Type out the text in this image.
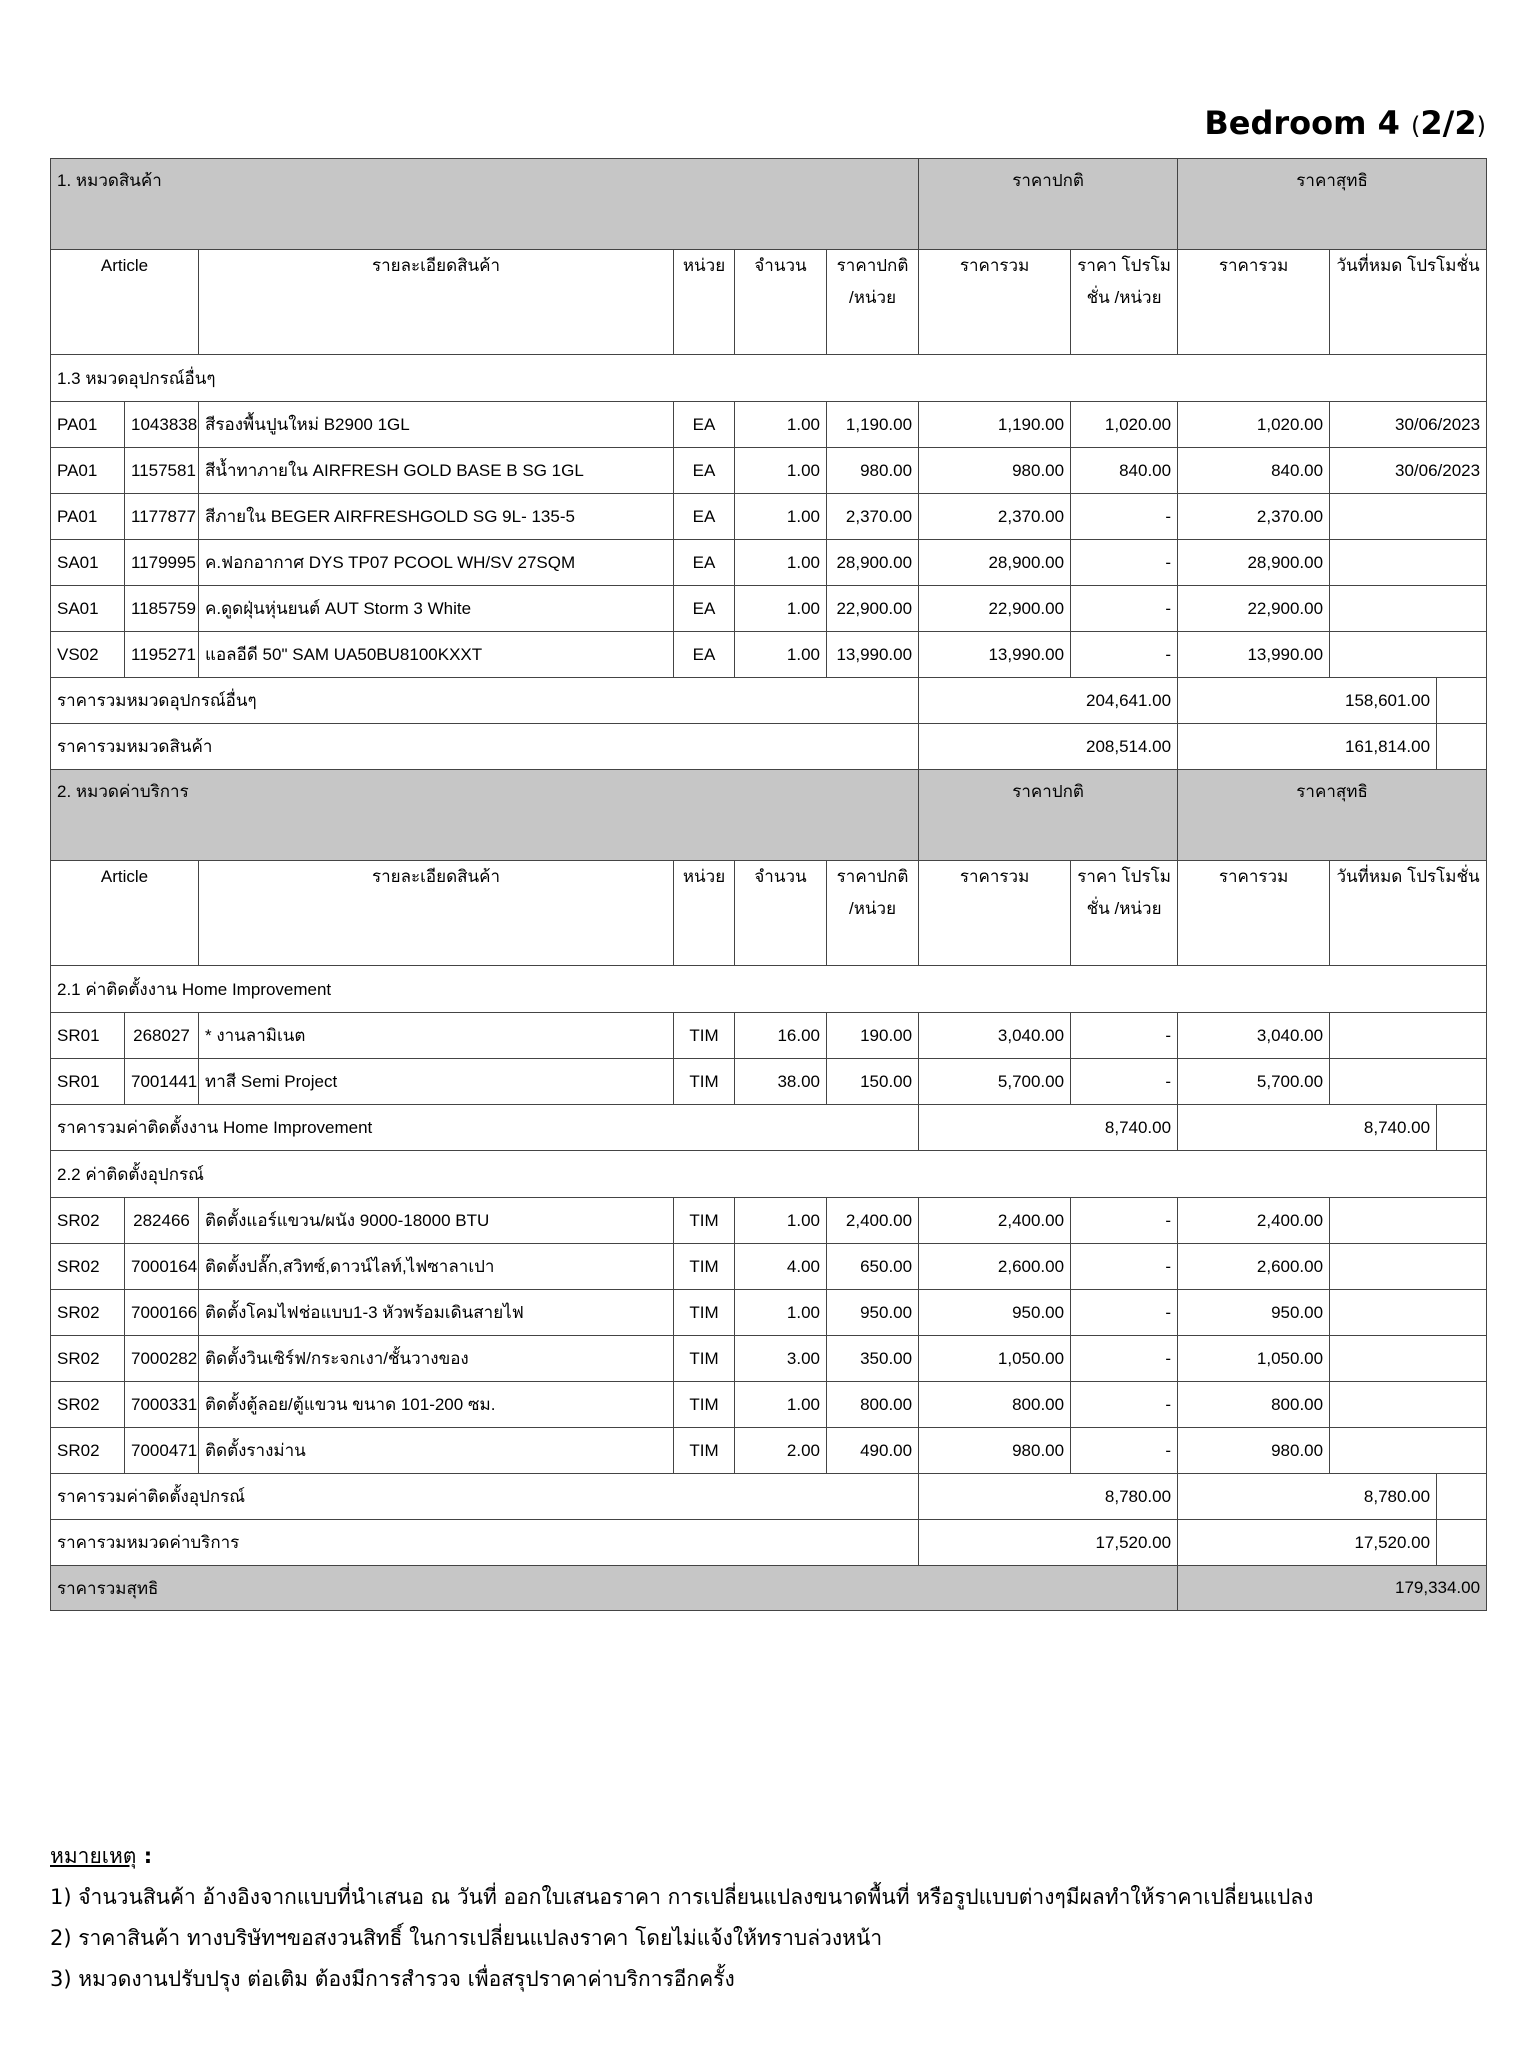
Bedroom 4 (2/2)
1. หมวดสินค้า						ราคาปกติ		ราคาสุทธิ		
Article		รายละเอียดสินค้า	หน่วย	จำนวน	ราคาปกติ /หน่วย	ราคารวม	ราคา โปรโมชั่น /หน่วย	ราคารวม	วันที่หมด โปรโมชั่น	
1.3 หมวดอุปกรณ์อื่นๆ										
PA01	1043838	สีรองพื้นปูนใหม่ B2900 1GL	EA	1.00	1,190.00	1,190.00	1,020.00	1,020.00	30/06/2023	
PA01	1157581	สีน้ำทาภายใน AIRFRESH GOLD BASE B SG 1GL	EA	1.00	980.00	980.00	840.00	840.00	30/06/2023	
PA01	1177877	สีภายใน BEGER AIRFRESHGOLD SG 9L- 135-5	EA	1.00	2,370.00	2,370.00	-	2,370.00		
SA01	1179995	ค.ฟอกอากาศ DYS TP07 PCOOL WH/SV 27SQM	EA	1.00	28,900.00	28,900.00	-	28,900.00		
SA01	1185759	ค.ดูดฝุ่นหุ่นยนต์ AUT Storm 3 White	EA	1.00	22,900.00	22,900.00	-	22,900.00		
VS02	1195271	แอลอีดี 50" SAM UA50BU8100KXXT	EA	1.00	13,990.00	13,990.00	-	13,990.00		
ราคารวมหมวดอุปกรณ์อื่นๆ						204,641.00		158,601.00		
ราคารวมหมวดสินค้า						208,514.00		161,814.00		
2. หมวดค่าบริการ						ราคาปกติ		ราคาสุทธิ		
Article		รายละเอียดสินค้า	หน่วย	จำนวน	ราคาปกติ /หน่วย	ราคารวม	ราคา โปรโมชั่น /หน่วย	ราคารวม	วันที่หมด โปรโมชั่น	
2.1 ค่าติดตั้งงาน Home Improvement										
SR01	268027	* งานลามิเนต	TIM	16.00	190.00	3,040.00	-	3,040.00		
SR01	7001441	ทาสี Semi Project	TIM	38.00	150.00	5,700.00	-	5,700.00		
ราคารวมค่าติดตั้งงาน Home Improvement						8,740.00		8,740.00		
2.2 ค่าติดตั้งอุปกรณ์										
SR02	282466	ติดตั้งแอร์แขวน/ผนัง 9000-18000 BTU	TIM	1.00	2,400.00	2,400.00	-	2,400.00		
SR02	7000164	ติดตั้งปลั๊ก,สวิทซ์,ดาวน์ไลท์,ไฟซาลาเปา	TIM	4.00	650.00	2,600.00	-	2,600.00		
SR02	7000166	ติดตั้งโคมไฟช่อแบบ1-3 หัวพร้อมเดินสายไฟ	TIM	1.00	950.00	950.00	-	950.00		
SR02	7000282	ติดตั้งวินเซิร์ฟ/กระจกเงา/ชั้นวางของ	TIM	3.00	350.00	1,050.00	-	1,050.00		
SR02	7000331	ติดตั้งตู้ลอย/ตู้แขวน ขนาด 101-200 ซม.	TIM	1.00	800.00	800.00	-	800.00		
SR02	7000471	ติดตั้งรางม่าน	TIM	2.00	490.00	980.00	-	980.00		
ราคารวมค่าติดตั้งอุปกรณ์						8,780.00		8,780.00		
ราคารวมหมวดค่าบริการ						17,520.00		17,520.00		
ราคารวมสุทธิ								179,334.00		
หมายเหตุ :
1) จำนวนสินค้า อ้างอิงจากแบบที่นำเสนอ ณ วันที่ ออกใบเสนอราคา การเปลี่ยนแปลงขนาดพื้นที่ หรือรูปแบบต่างๆมีผลทำให้ราคาเปลี่ยนแปลง
2) ราคาสินค้า ทางบริษัทฯขอสงวนสิทธิ์ ในการเปลี่ยนแปลงราคา โดยไม่แจ้งให้ทราบล่วงหน้า
3) หมวดงานปรับปรุง ต่อเติม ต้องมีการสำรวจ เพื่อสรุปราคาค่าบริการอีกครั้ง
